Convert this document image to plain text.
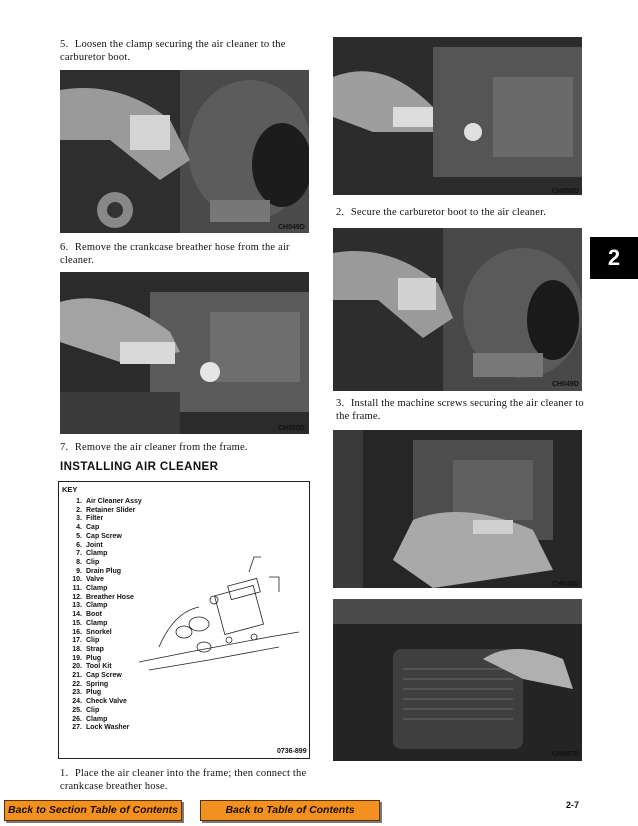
5. Loosen the clamp securing the air cleaner to the carburetor boot.
CH049D
6. Remove the crankcase breather hose from the air cleaner.
CH050D
7. Remove the air cleaner from the frame.
INSTALLING AIR CLEANER
KEY
1. Air Cleaner Assy
2. Retainer Slider
3. Filter
4. Cap
5. Cap Screw
6. Joint
7. Clamp
8. Clip
9. Drain Plug
10. Valve
11. Clamp
12. Breather Hose
13. Clamp
14. Boot
15. Clamp
16. Snorkel
17. Clip
18. Strap
19. Plug
20. Tool Kit
21. Cap Screw
22. Spring
23. Plug
24. Check Valve
25. Clip
26. Clamp
27. Lock Washer
0736-899
1. Place the air cleaner into the frame; then connect the crankcase breather hose.
CH050D
2. Secure the carburetor boot to the air cleaner.
CH049D
3. Install the machine screws securing the air cleaner to the frame.
CH048D
CH047D
2
Back to Section Table of Contents	Back to Table of Contents	2-7
